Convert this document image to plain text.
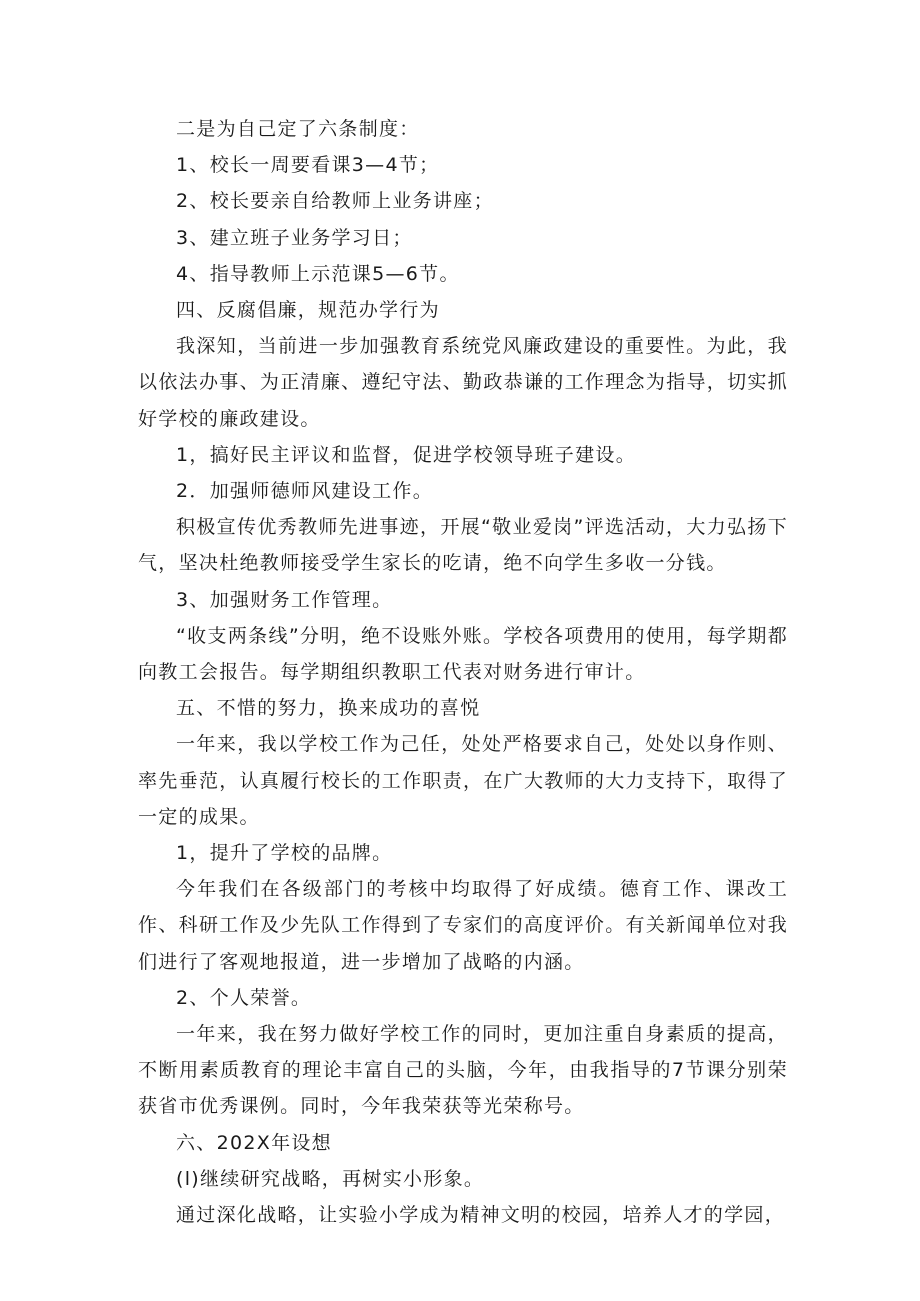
二是为自己定了六条制度：

1、校长一周要看课3—4节；

2、校长要亲自给教师上业务讲座；

3、建立班子业务学习日；

4、指导教师上示范课5—6节。

四、反腐倡廉，规范办学行为

我深知，当前进一步加强教育系统党风廉政建设的重要性。为此，我以依法办事、为正清廉、遵纪守法、勤政恭谦的工作理念为指导，切实抓好学校的廉政建设。

1，搞好民主评议和监督，促进学校领导班子建设。

2．加强师德师风建设工作。

积极宣传优秀教师先进事迹，开展“敬业爱岗”评选活动，大力弘扬下气，坚决杜绝教师接受学生家长的吃请，绝不向学生多收一分钱。

3、加强财务工作管理。

“收支两条线”分明，绝不设账外账。学校各项费用的使用，每学期都向教工会报告。每学期组织教职工代表对财务进行审计。

五、不惜的努力，换来成功的喜悦

一年来，我以学校工作为己任，处处严格要求自己，处处以身作则、率先垂范，认真履行校长的工作职责，在广大教师的大力支持下，取得了一定的成果。

1，提升了学校的品牌。

今年我们在各级部门的考核中均取得了好成绩。德育工作、课改工作、科研工作及少先队工作得到了专家们的高度评价。有关新闻单位对我们进行了客观地报道，进一步增加了战略的内涵。

2、个人荣誉。

一年来，我在努力做好学校工作的同时，更加注重自身素质的提高，不断用素质教育的理论丰富自己的头脑，今年，由我指导的7节课分别荣获省市优秀课例。同时，今年我荣获等光荣称号。

六、202X年设想

(l)继续研究战略，再树实小形象。

通过深化战略，让实验小学成为精神文明的校园，培养人才的学园，
